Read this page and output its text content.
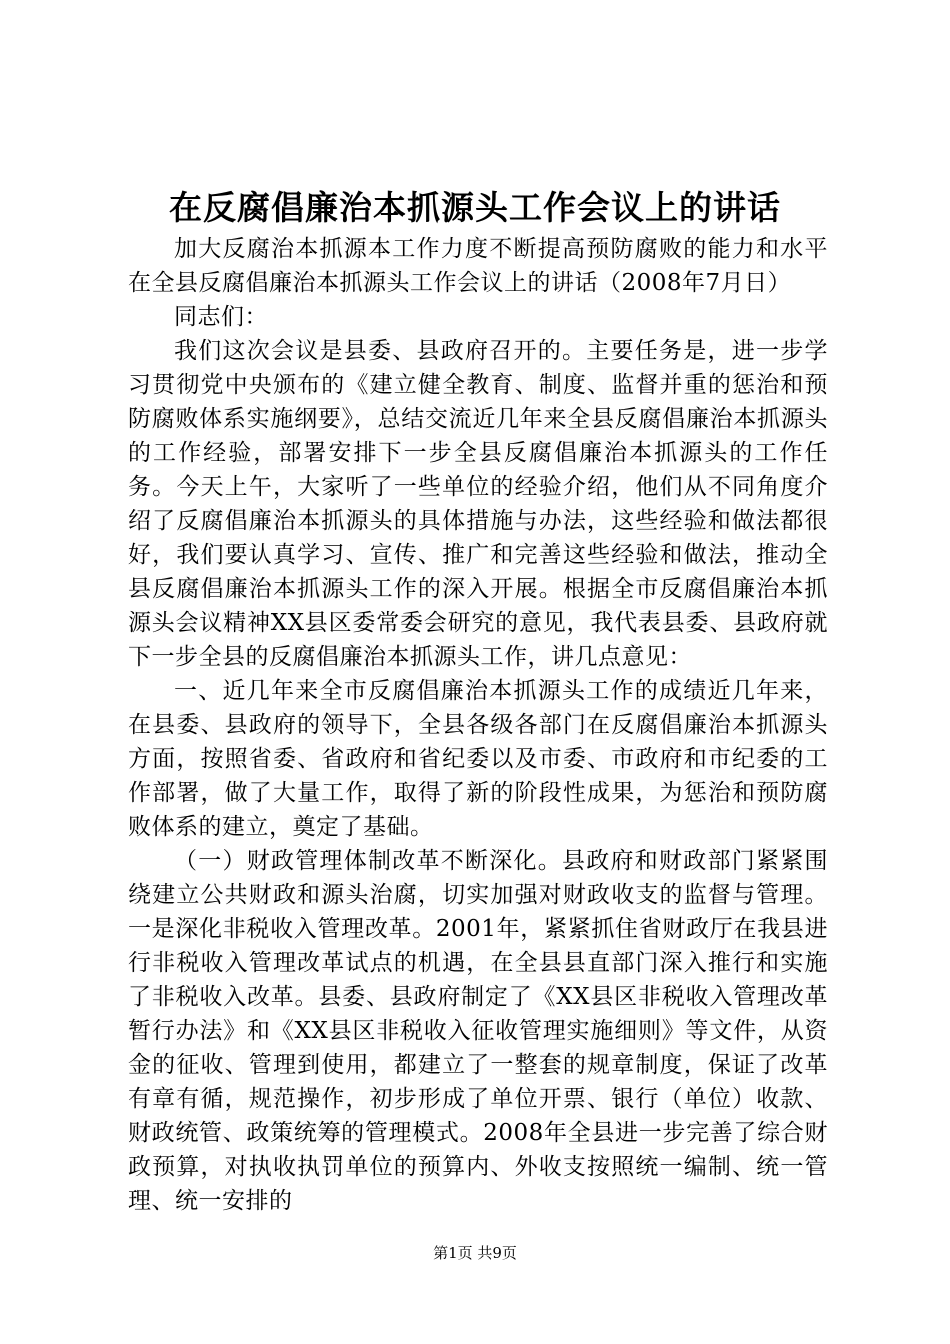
在反腐倡廉治本抓源头工作会议上的讲话

加大反腐治本抓源本工作力度不断提高预防腐败的能力和水平在全县反腐倡廉治本抓源头工作会议上的讲话（2008年7月日）

同志们：

我们这次会议是县委、县政府召开的。主要任务是，进一步学习贯彻党中央颁布的《建立健全教育、制度、监督并重的惩治和预防腐败体系实施纲要》，总结交流近几年来全县反腐倡廉治本抓源头的工作经验，部署安排下一步全县反腐倡廉治本抓源头的工作任务。今天上午，大家听了一些单位的经验介绍，他们从不同角度介绍了反腐倡廉治本抓源头的具体措施与办法，这些经验和做法都很好，我们要认真学习、宣传、推广和完善这些经验和做法，推动全县反腐倡廉治本抓源头工作的深入开展。根据全市反腐倡廉治本抓源头会议精神XX县区委常委会研究的意见，我代表县委、县政府就下一步全县的反腐倡廉治本抓源头工作，讲几点意见：

一、近几年来全市反腐倡廉治本抓源头工作的成绩近几年来，在县委、县政府的领导下，全县各级各部门在反腐倡廉治本抓源头方面，按照省委、省政府和省纪委以及市委、市政府和市纪委的工作部署，做了大量工作，取得了新的阶段性成果，为惩治和预防腐败体系的建立，奠定了基础。

（一）财政管理体制改革不断深化。县政府和财政部门紧紧围绕建立公共财政和源头治腐，切实加强对财政收支的监督与管理。一是深化非税收入管理改革。2001年，紧紧抓住省财政厅在我县进行非税收入管理改革试点的机遇，在全县县直部门深入推行和实施了非税收入改革。县委、县政府制定了《XX县区非税收入管理改革暂行办法》和《XX县区非税收入征收管理实施细则》等文件，从资金的征收、管理到使用，都建立了一整套的规章制度，保证了改革有章有循，规范操作，初步形成了单位开票、银行（单位）收款、财政统管、政策统筹的管理模式。2008年全县进一步完善了综合财政预算，对执收执罚单位的预算内、外收支按照统一编制、统一管理、统一安排的

第1页 共9页
